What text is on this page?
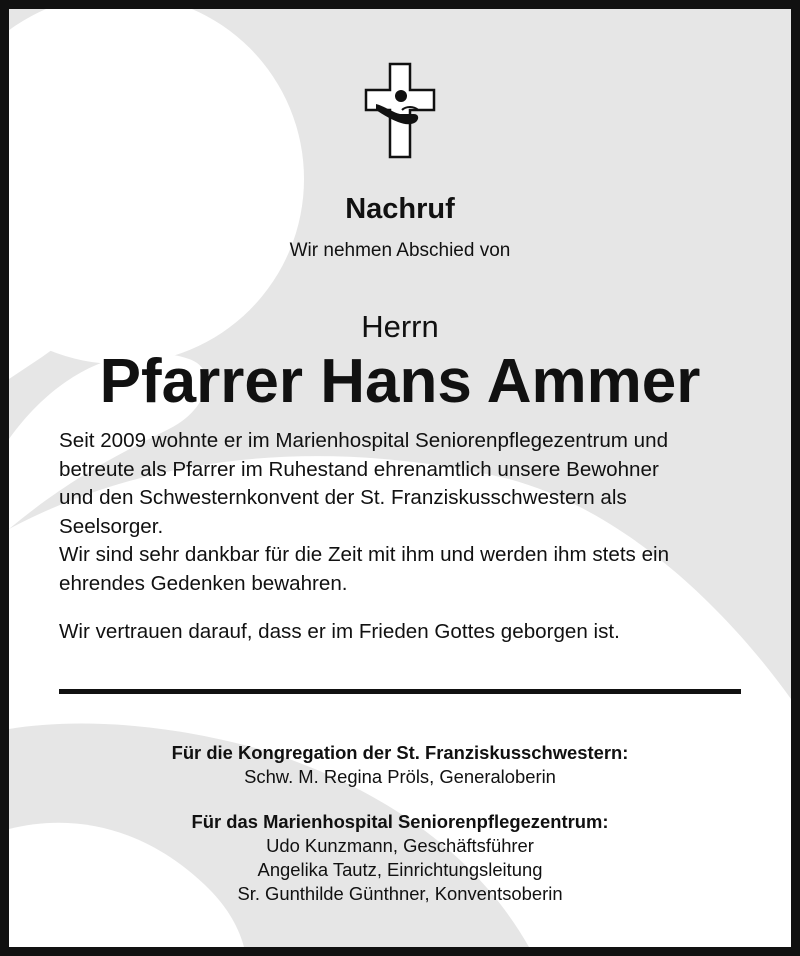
Nachruf
Wir nehmen Abschied von
Herrn
Pfarrer Hans Ammer

Seit 2009 wohnte er im Marienhospital Seniorenpflegezentrum und

betreute als Pfarrer im Ruhestand ehrenamtlich unsere Bewohner

und den Schwesternkonvent der St. Franziskusschwestern als

Seelsorger.

Wir sind sehr dankbar für die Zeit mit ihm und werden ihm stets ein

ehrendes Gedenken bewahren.

Wir vertrauen darauf, dass er im Frieden Gottes geborgen ist.

Für die Kongregation der St. Franziskusschwestern:
Schw. M. Regina Pröls, Generaloberin
Für das Marienhospital Seniorenpflegezentrum:
Udo Kunzmann, Geschäftsführer
Angelika Tautz, Einrichtungsleitung
Sr. Gunthilde Günthner, Konventsoberin
